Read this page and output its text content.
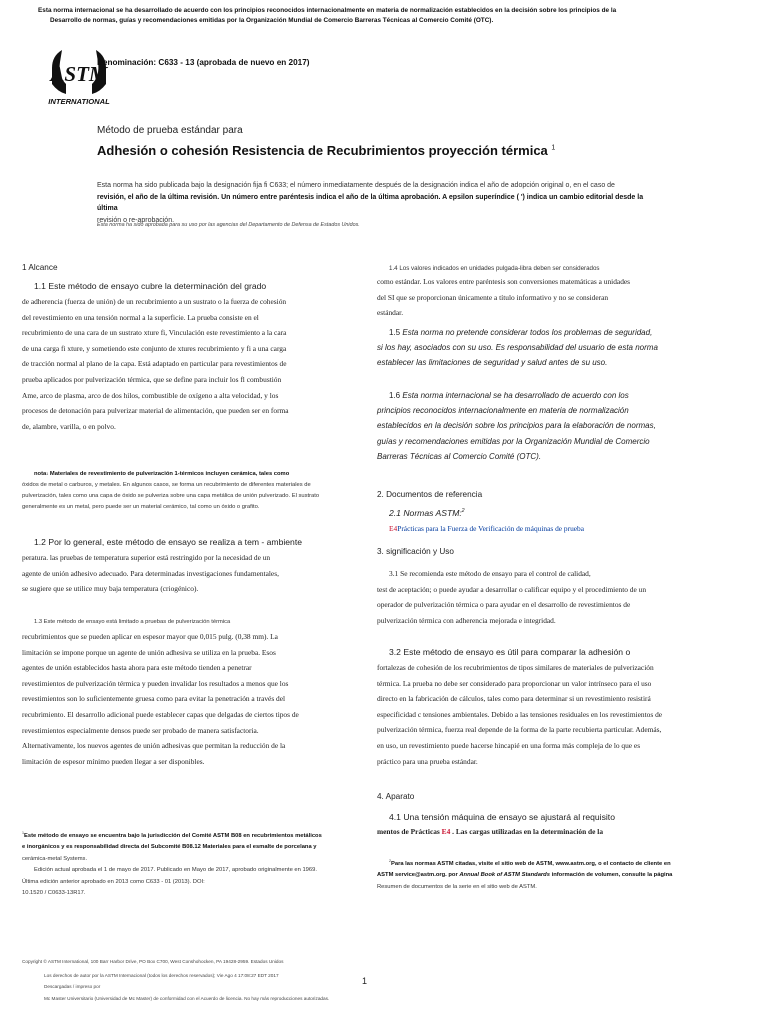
Esta norma internacional se ha desarrollado de acuerdo con los principios reconocidos internacionalmente en materia de normalización establecidos en la decisión sobre los principios de la
Desarrollo de normas, guías y recomendaciones emitidas por la Organización Mundial de Comercio Barreras Técnicas al Comercio Comité (OTC).
ASTM
INTERNATIONAL
Denominación: C633 - 13 (aprobada de nuevo en 2017)
Método de prueba estándar para
Adhesión o cohesión Resistencia de Recubrimientos proyección térmica $^1$
Esta norma ha sido publicada bajo la designación fija fi C633; el número inmediatamente después de la designación indica el año de adopción original o, en el caso de
revisión, el año de la última revisión. Un número entre paréntesis indica el año de la última aprobación. A epsilon superíndice ( ') indica un cambio editorial desde la última
revisión o re-aprobación.
Esta norma ha sido aprobada para su uso por las agencias del Departamento de Defensa de Estados Unidos.
1 Alcance
1.1 Este método de ensayo cubre la determinación del grado
de adherencia (fuerza de unión) de un recubrimiento a un sustrato o la fuerza de cohesión
del revestimiento en una tensión normal a la superficie. La prueba consiste en el
recubrimiento de una cara de un sustrato xture fi, Vinculación este revestimiento a la cara
de una carga fi xture, y sometiendo este conjunto de xtures recubrimiento y fi a una carga
de tracción normal al plano de la capa. Está adaptado en particular para revestimientos de
prueba aplicados por pulverización térmica, que se define para incluir los fl combustión
Ame, arco de plasma, arco de dos hilos, combustible de oxígeno a alta velocidad, y los
procesos de detonación para pulverizar material de alimentación, que pueden ser en forma
de, alambre, varilla, o en polvo.
nota1 Materiales de revestimiento de pulverización 1-térmicos incluyen cerámica, tales como
óxidos de metal o carburos, y metales. En algunos casos, se forma un recubrimiento de diferentes materiales de
pulverización, tales como una capa de óxido se pulveriza sobre una capa metálica de unión pulverizado. El sustrato
generalmente es un metal, pero puede ser un material cerámico, tal como un óxido o grafito.
1.2 Por lo general, este método de ensayo se realiza a tem - ambiente
peratura. las pruebas de temperatura superior está restringido por la necesidad de un
agente de unión adhesivo adecuado. Para determinadas investigaciones fundamentales,
se sugiere que se utilice muy baja temperatura (criogénico).
1.3 Este método de ensayo está limitado a pruebas de pulverización térmica
recubrimientos que se pueden aplicar en espesor mayor que 0,015 pulg. (0,38 mm). La
limitación se impone porque un agente de unión adhesiva se utiliza en la prueba. Esos
agentes de unión establecidos hasta ahora para este método tienden a penetrar
revestimientos de pulverización térmica y pueden invalidar los resultados a menos que los
revestimientos son lo suficientemente gruesa como para evitar la penetración a través del
recubrimiento. El desarrollo adicional puede establecer capas que delgadas de ciertos tipos de
revestimientos especialmente densos puede ser probado de manera satisfactoria.
Alternativamente, los nuevos agentes de unión adhesivas que permitan la reducción de la
limitación de espesor mínimo pueden llegar a ser disponibles.
$^1$Este método de ensayo se encuentra bajo la jurisdicción del Comité ASTM B08 en recubrimientos metálicos
e inorgánicos y es responsabilidad directa del Subcomité B08.12 Materiales para el esmalte de porcelana y
cerámica-metal Systems.
Edición actual aprobada el 1 de mayo de 2017. Publicado en Mayo de 2017, aprobado originalmente en 1969.
Última edición anterior aprobado en 2013 como C633 - 01 (2013). DOI:
10.1520 / C0633-13R17.
1.4 Los valores indicados en unidades pulgada-libra deben ser considerados
como estándar. Los valores entre paréntesis son conversiones matemáticas a unidades
del SI que se proporcionan únicamente a título informativo y no se consideran
estándar.
1.5 Esta norma no pretende considerar todos los problemas de seguridad,
si los hay, asociados con su uso. Es responsabilidad del usuario de esta norma
establecer las limitaciones de seguridad y salud antes de su uso.
1.6 Esta norma internacional se ha desarrollado de acuerdo con los
principios reconocidos internacionalmente en materia de normalización
establecidos en la decisión sobre los principios para la elaboración de normas,
guías y recomendaciones emitidas por la Organización Mundial de Comercio
Barreras Técnicas al Comercio Comité (OTC).
2. Documentos de referencia
2.1 Normas ASTM:$^2$
E4Prácticas para la Fuerza de Verificación de máquinas de prueba
3. significación y Uso
3.1 Se recomienda este método de ensayo para el control de calidad,
test de aceptación; o puede ayudar a desarrollar o calificar equipo y el procedimiento de un
operador de pulverización térmica o para ayudar en el desarrollo de revestimientos de
pulverización térmica con adherencia mejorada e integridad.
3.2 Este método de ensayo es útil para comparar la adhesión o
fortalezas de cohesión de los recubrimientos de tipos similares de materiales de pulverización
térmica. La prueba no debe ser considerado para proporcionar un valor intrínseco para el uso
directo en la fabricación de cálculos, tales como para determinar si un revestimiento resistirá
especificidad c tensiones ambientales. Debido a las tensiones residuales en los revestimientos de
pulverización térmica, fuerza real depende de la forma de la parte recubierta particular. Además,
en uso, un revestimiento puede hacerse hincapié en una forma más compleja de lo que es
práctico para una prueba estándar.
4. Aparato
4.1 Una tensión máquina de ensayo se ajustará al requisito
mentos de Prácticas E4 . Las cargas utilizadas en la determinación de la
$^2$Para las normas ASTM citadas, visite el sitio web de ASTM, www.astm.org, o el contacto de cliente en
ASTM service@astm.org. por Annual Book of ASTM Standards información de volumen, consulte la página
Resumen de documentos de la serie en el sitio web de ASTM.
Copyright © ASTM International, 100 Barr Harbor Drive, PO Box C700, West Conshohocken, PA 19428-2959. Estados Unidos
Los derechos de autor por la ASTM Internacional (todos los derechos reservados); Vie Ago 4 17:08:27 EDT 2017
Descargadas / impreso por
Mc Master Universitario (Universidad de Mc Master) de conformidad con el Acuerdo de licencia. No hay más reproducciones autorizadas.
1
